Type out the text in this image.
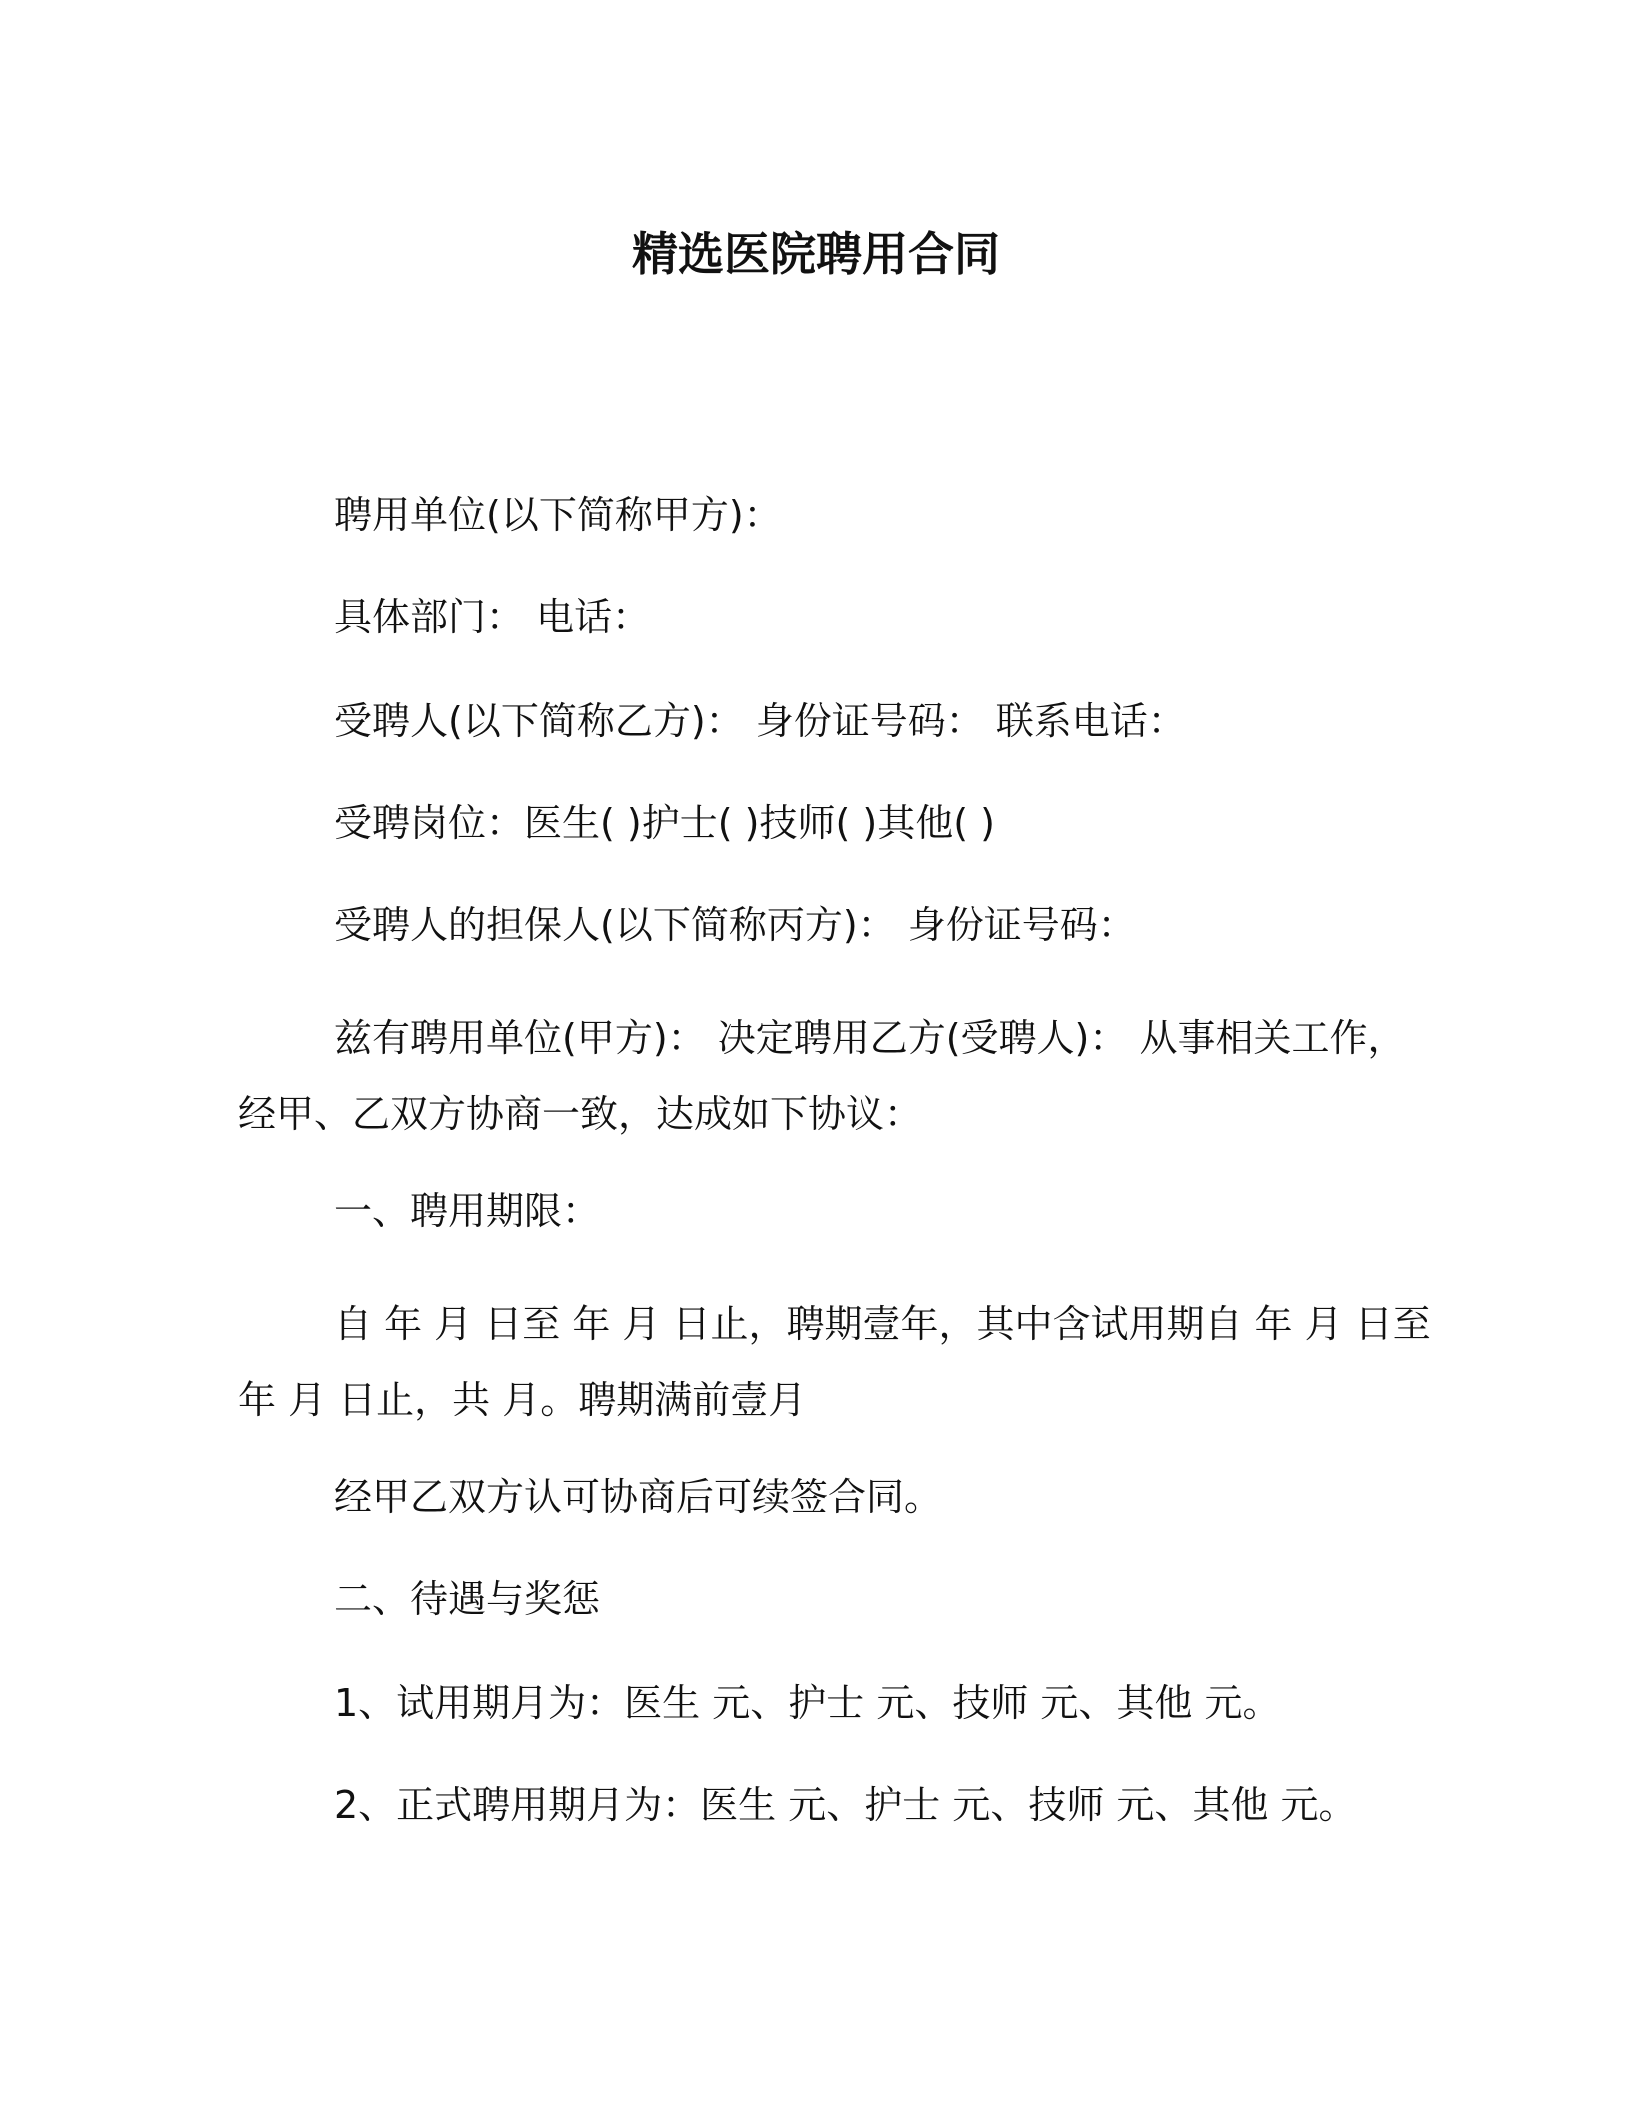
精选医院聘用合同
聘用单位(以下简称甲方)：
具体部门： 电话：
受聘人(以下简称乙方)： 身份证号码： 联系电话：
受聘岗位：医生( )护士( )技师( )其他( )
受聘人的担保人(以下简称丙方)： 身份证号码：
兹有聘用单位(甲方)： 决定聘用乙方(受聘人)： 从事相关工作，
经甲、乙双方协商一致，达成如下协议：
一、聘用期限：
自 年 月 日至 年 月 日止，聘期壹年，其中含试用期自 年 月 日至
年 月 日止，共 月。聘期满前壹月
经甲乙双方认可协商后可续签合同。
二、待遇与奖惩
1、试用期月为：医生 元、护士 元、技师 元、其他 元。
2、正式聘用期月为：医生 元、护士 元、技师 元、其他 元。
